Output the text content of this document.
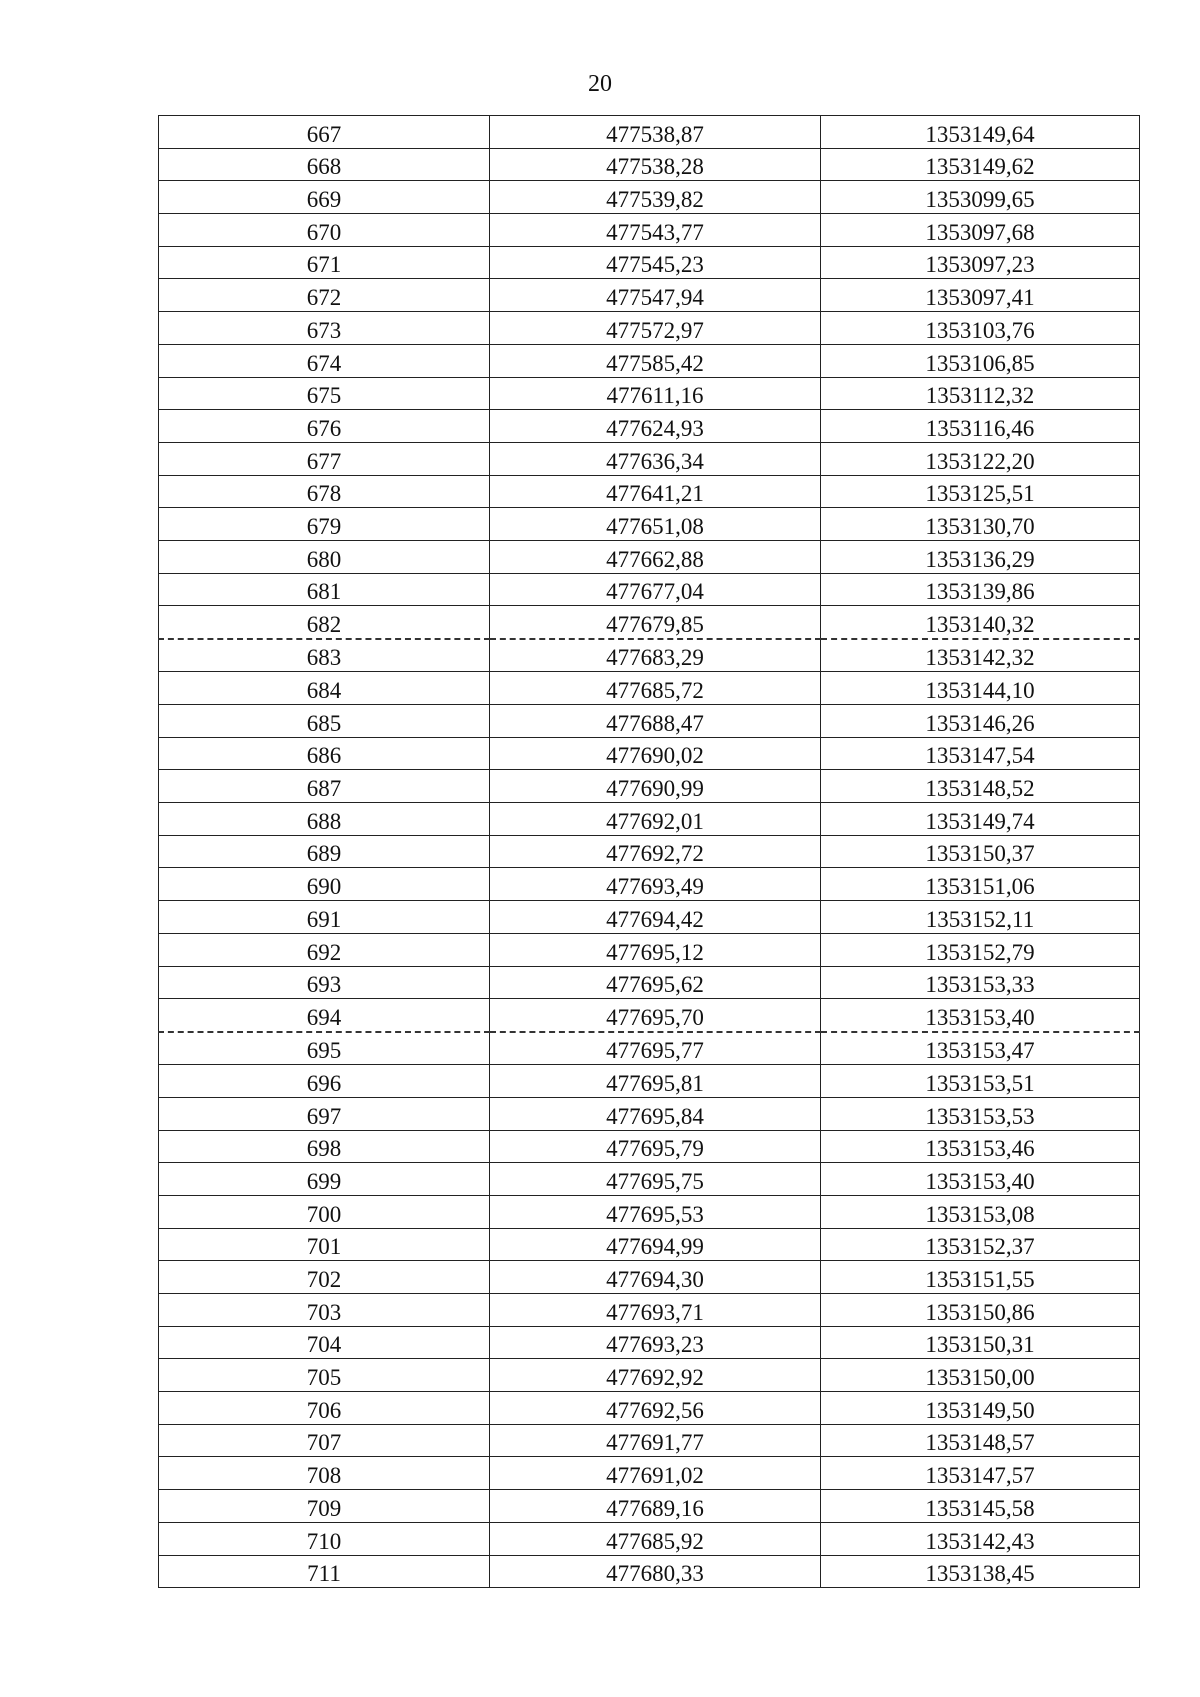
20
667	477538,87	1353149,64
668	477538,28	1353149,62
669	477539,82	1353099,65
670	477543,77	1353097,68
671	477545,23	1353097,23
672	477547,94	1353097,41
673	477572,97	1353103,76
674	477585,42	1353106,85
675	477611,16	1353112,32
676	477624,93	1353116,46
677	477636,34	1353122,20
678	477641,21	1353125,51
679	477651,08	1353130,70
680	477662,88	1353136,29
681	477677,04	1353139,86
682	477679,85	1353140,32
683	477683,29	1353142,32
684	477685,72	1353144,10
685	477688,47	1353146,26
686	477690,02	1353147,54
687	477690,99	1353148,52
688	477692,01	1353149,74
689	477692,72	1353150,37
690	477693,49	1353151,06
691	477694,42	1353152,11
692	477695,12	1353152,79
693	477695,62	1353153,33
694	477695,70	1353153,40
695	477695,77	1353153,47
696	477695,81	1353153,51
697	477695,84	1353153,53
698	477695,79	1353153,46
699	477695,75	1353153,40
700	477695,53	1353153,08
701	477694,99	1353152,37
702	477694,30	1353151,55
703	477693,71	1353150,86
704	477693,23	1353150,31
705	477692,92	1353150,00
706	477692,56	1353149,50
707	477691,77	1353148,57
708	477691,02	1353147,57
709	477689,16	1353145,58
710	477685,92	1353142,43
711	477680,33	1353138,45
